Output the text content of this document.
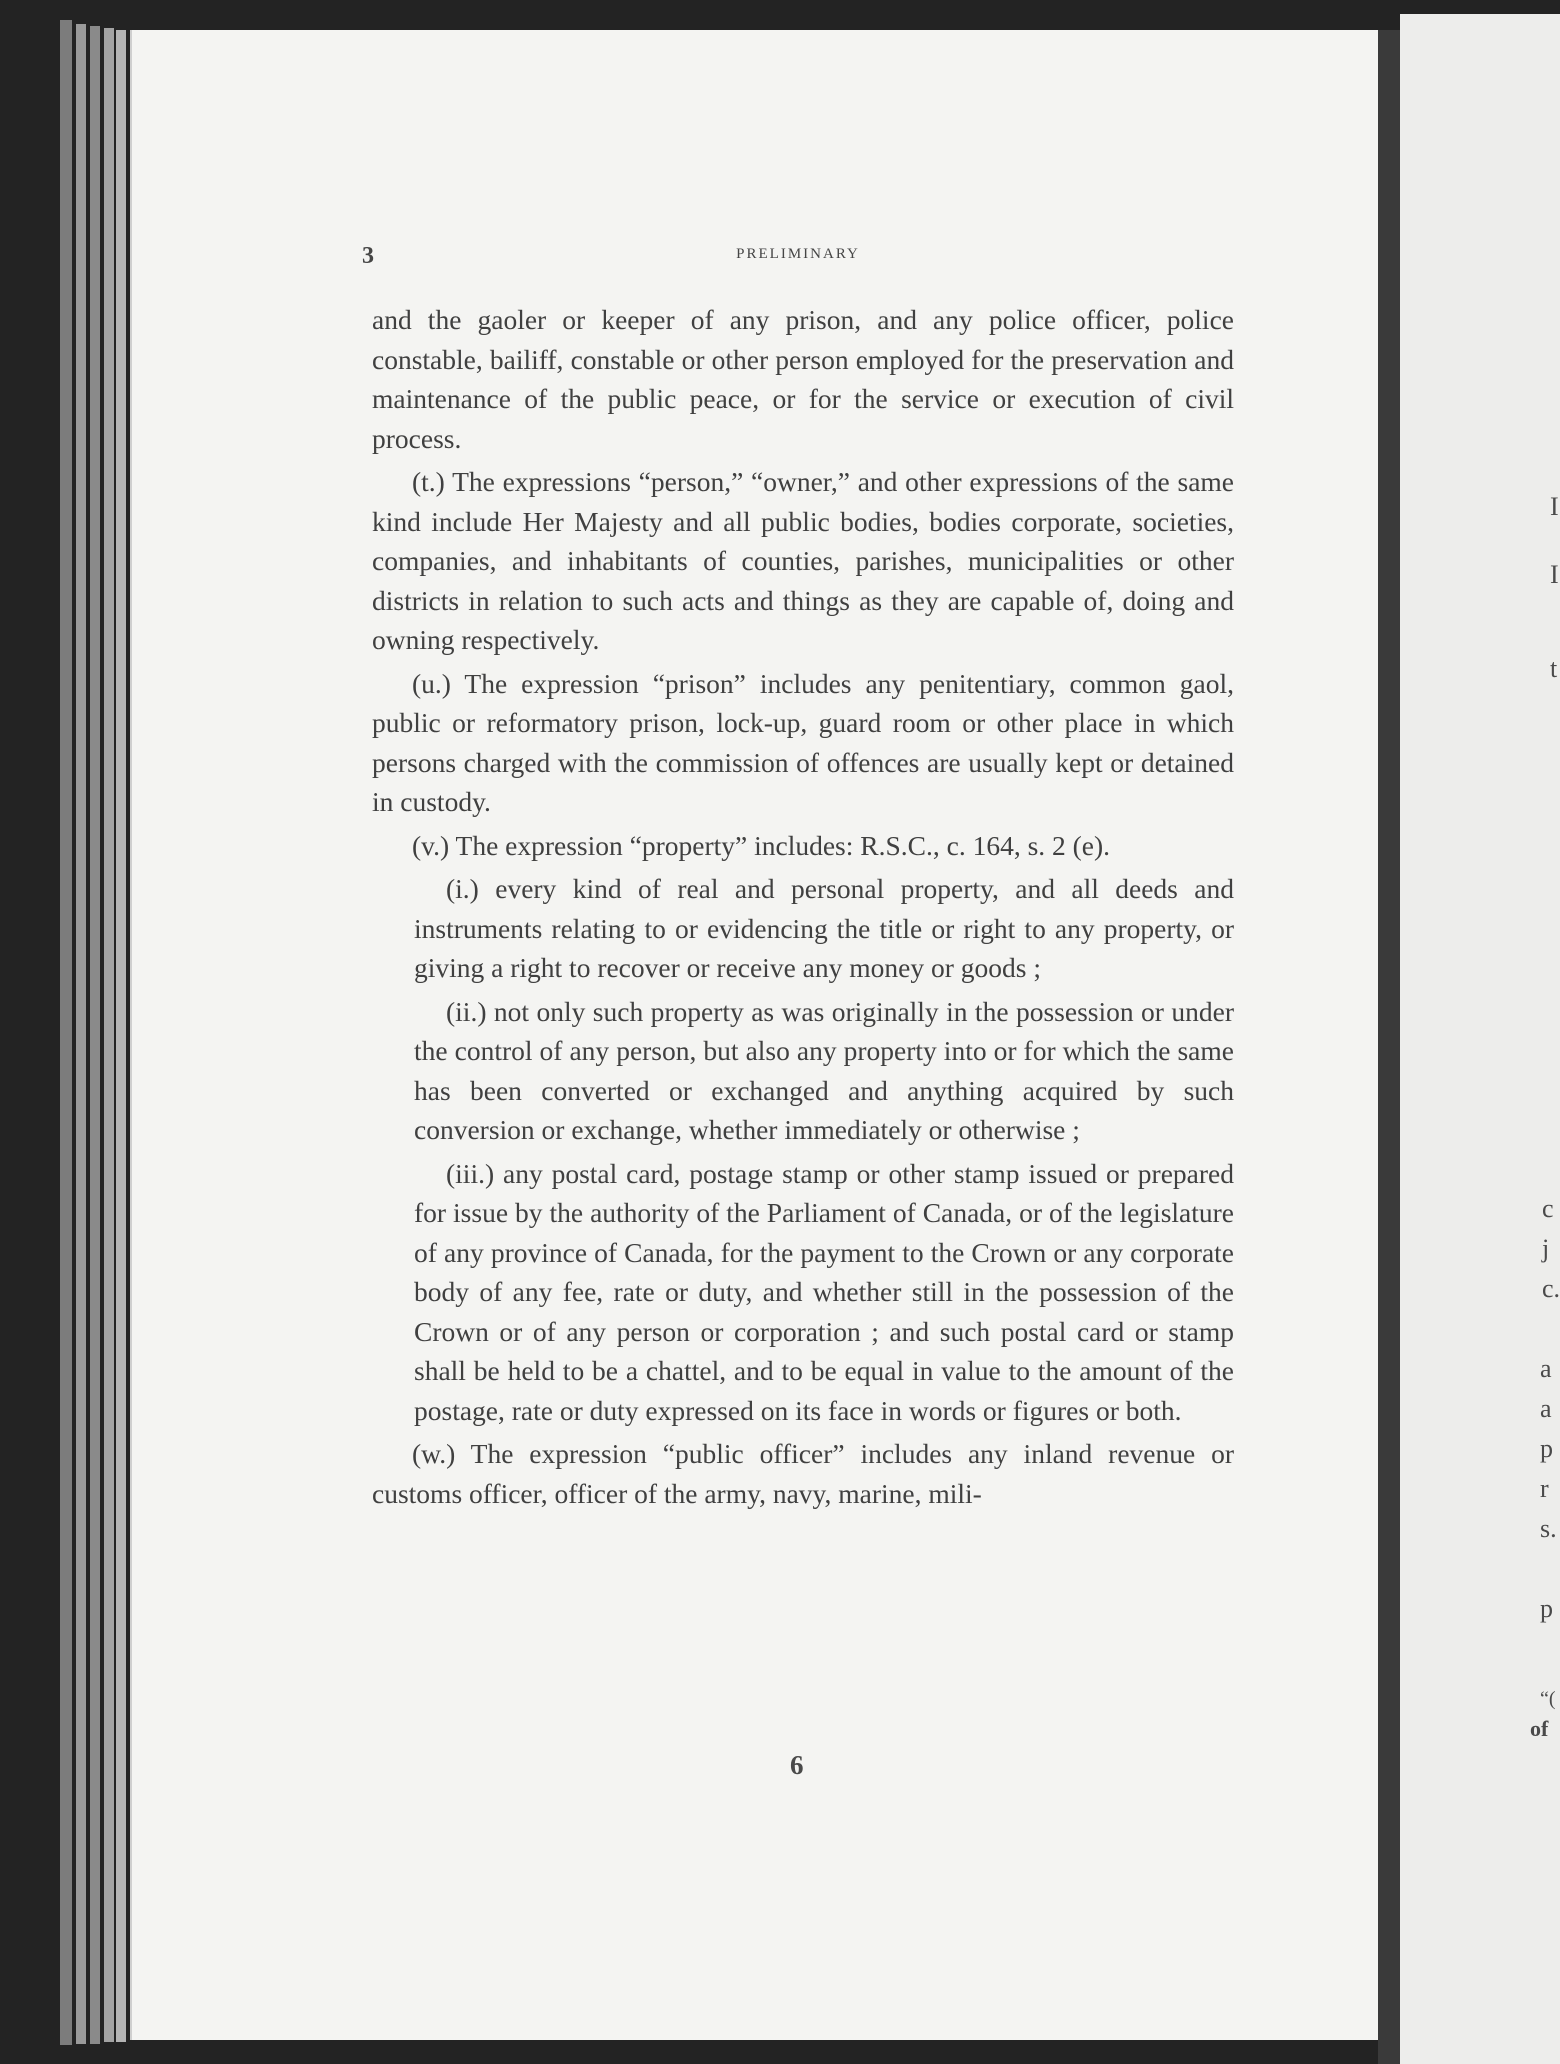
3	PRELIMINARY

and the gaoler or keeper of any prison, and any police officer, police constable, bailiff, constable or other person employed for the preservation and maintenance of the public peace, or for the service or execution of civil process.

(t.) The expressions “person,” “owner,” and other expressions of the same kind include Her Majesty and all public bodies, bodies corporate, societies, companies, and inhabitants of counties, parishes, municipalities or other districts in relation to such acts and things as they are capable of, doing and owning respectively.

(u.) The expression “prison” includes any penitentiary, common gaol, public or reformatory prison, lock-up, guard room or other place in which persons charged with the commission of offences are usually kept or detained in custody.

(v.) The expression “property” includes: R.S.C., c. 164, s. 2 (e).

(i.) every kind of real and personal property, and all deeds and instruments relating to or evidencing the title or right to any property, or giving a right to recover or receive any money or goods ;

(ii.) not only such property as was originally in the possession or under the control of any person, but also any property into or for which the same has been converted or exchanged and anything acquired by such conversion or exchange, whether immediately or otherwise ;

(iii.) any postal card, postage stamp or other stamp issued or prepared for issue by the authority of the Parliament of Canada, or of the legislature of any province of Canada, for the payment to the Crown or any corporate body of any fee, rate or duty, and whether still in the possession of the Crown or of any person or corporation ; and such postal card or stamp shall be held to be a chattel, and to be equal in value to the amount of the postage, rate or duty expressed on its face in words or figures or both.

(w.) The expression “public officer” includes any inland revenue or customs officer, officer of the army, navy, marine, mili-

6
I
I
t
c
j
c.
a
a
p
r
s.
p
“(
of
